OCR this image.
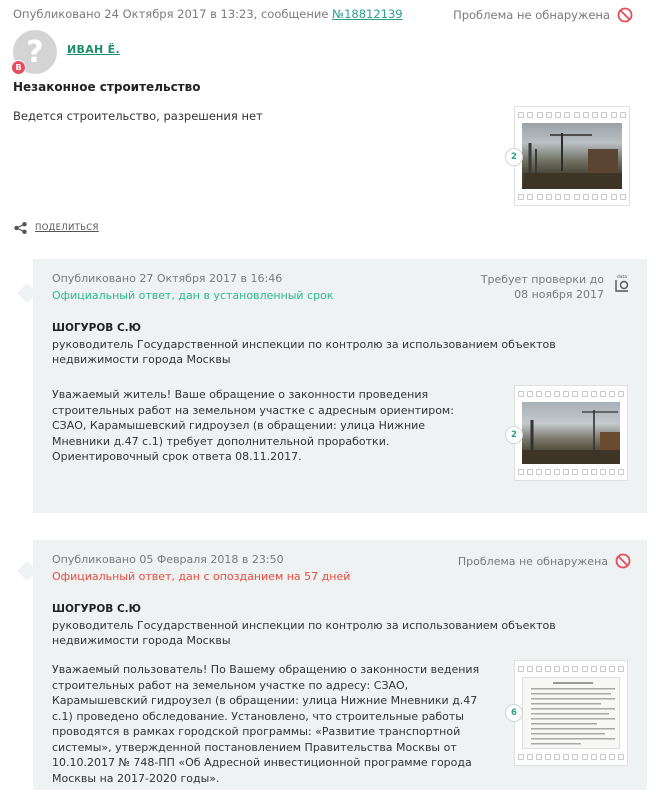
Опубликовано 24 Октября 2017 в 13:23, сообщение №18812139	Проблема не обнаружена
?
B
ИВАН Ё.
Незаконное строительство
Ведется строительство, разрешения нет
2
ПОДЕЛИТЬСЯ
Опубликовано 27 Октября 2017 в 16:46
Официальный ответ, дан в установленный срок
Требует проверки до
08 ноября 2017
data
ШОГУРОВ С.Ю
руководитель Государственной инспекции по контролю за использованием объектов недвижимости города Москвы
Уважаемый житель! Ваше обращение о законности проведения строительных работ на земельном участке с адресным ориентиром: СЗАО, Карамышевский гидроузел (в обращении: улица Нижние Мневники д.47 с.1) требует дополнительной проработки. Ориентировочный срок ответа 08.11.2017.
2
Опубликовано 05 Февраля 2018 в 23:50
Официальный ответ, дан с опозданием на 57 дней
Проблема не обнаружена
ШОГУРОВ С.Ю
руководитель Государственной инспекции по контролю за использованием объектов недвижимости города Москвы
Уважаемый пользователь! По Вашему обращению о законности ведения строительных работ на земельном участке по адресу: СЗАО, Карамышевский гидроузел (в обращении: улица Нижние Мневники д.47 с.1) проведено обследование. Установлено, что строительные работы проводятся в рамках городской программы: «Развитие транспортной системы», утвержденной постановлением Правительства Москвы от 10.10.2017 № 748-ПП «Об Адресной инвестиционной программе города Москвы на 2017-2020 годы».
6
